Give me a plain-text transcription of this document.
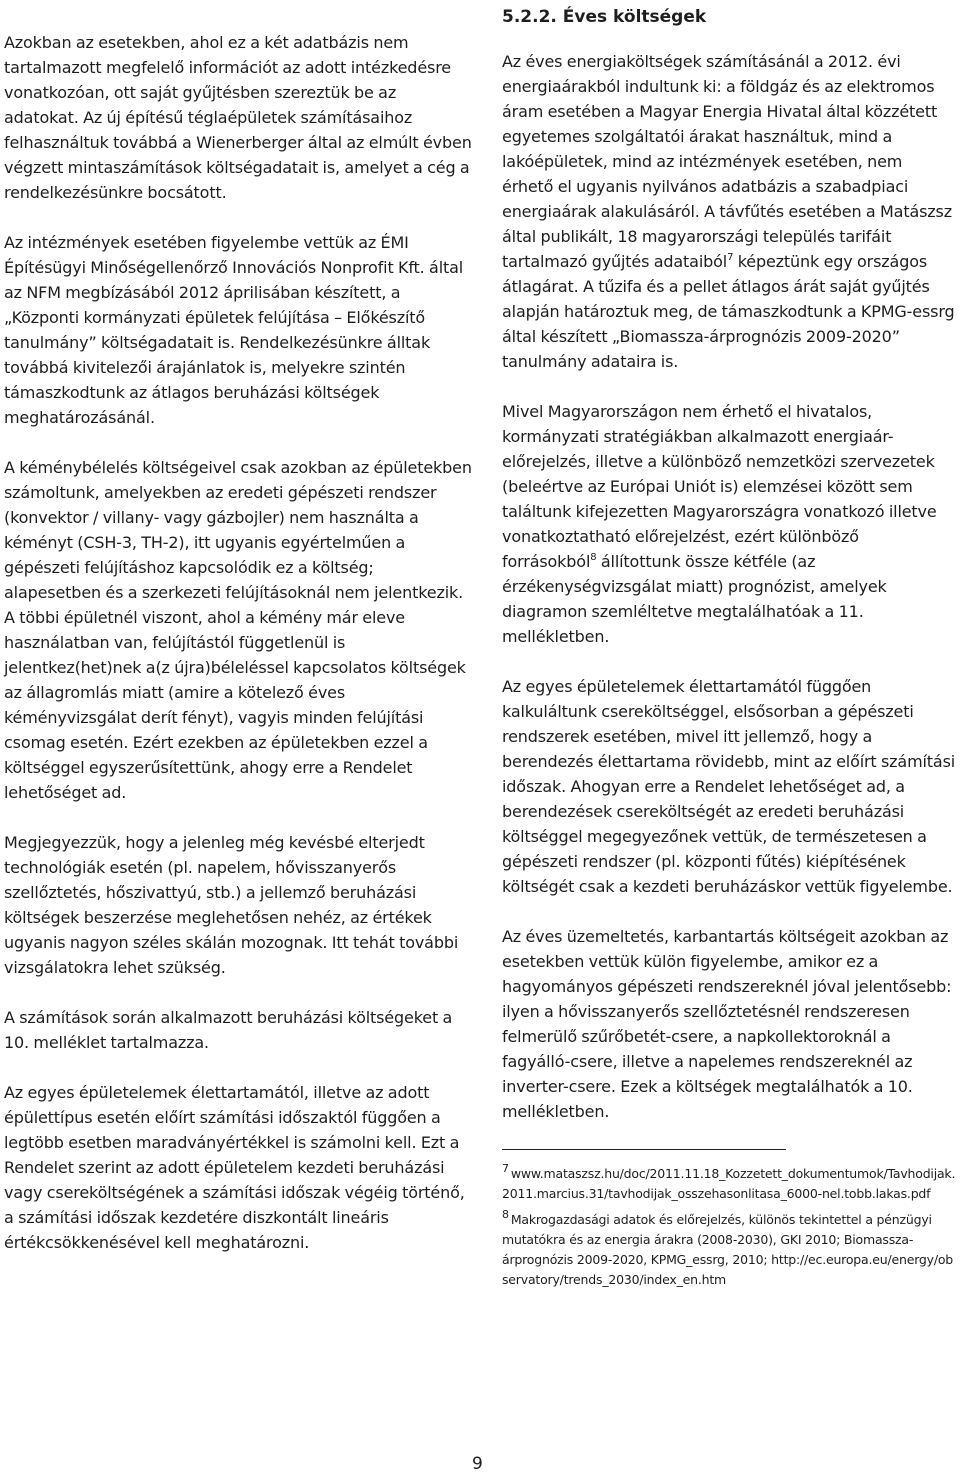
Azokban az esetekben, ahol ez a két adatbázis nem tartalmazott megfelelő információt az adott intézkedésre vonatkozóan, ott saját gyűjtésben szereztük be az adatokat. Az új építésű téglaépületek számításaihoz felhasználtuk továbbá a Wienerberger által az elmúlt évben végzett mintaszámítások költségadatait is, amelyet a cég a rendelkezésünkre bocsátott.

Az intézmények esetében figyelembe vettük az ÉMI Építésügyi Minőségellenőrző Innovációs Nonprofit Kft. által az NFM megbízásából 2012 áprilisában készített, a „Központi kormányzati épületek felújítása – Előkészítő tanulmány” költségadatait is. Rendelkezésünkre álltak továbbá kivitelezői árajánlatok is, melyekre szintén támaszkodtunk az átlagos beruházási költségek meghatározásánál.

A kéménybélelés költségeivel csak azokban az épületekben számoltunk, amelyekben az eredeti gépészeti rendszer (konvektor / villany- vagy gázbojler) nem használta a kéményt (CSH-3, TH-2), itt ugyanis egyértelműen a gépészeti felújításhoz kapcsolódik ez a költség; alapesetben és a szerkezeti felújításoknál nem jelentkezik. A többi épületnél viszont, ahol a kémény már eleve használatban van, felújítástól függetlenül is jelentkez(het)nek a(z újra)béleléssel kapcsolatos költségek az állagromlás miatt (amire a kötelező éves kéményvizsgálat derít fényt), vagyis minden felújítási csomag esetén. Ezért ezekben az épületekben ezzel a költséggel egyszerűsítettünk, ahogy erre a Rendelet lehetőséget ad.

Megjegyezzük, hogy a jelenleg még kevésbé elterjedt technológiák esetén (pl. napelem, hővisszanyerős szellőztetés, hőszivattyú, stb.) a jellemző beruházási költségek beszerzése meglehetősen nehéz, az értékek ugyanis nagyon széles skálán mozognak. Itt tehát további vizsgálatokra lehet szükség.

A számítások során alkalmazott beruházási költségeket a 10. melléklet tartalmazza.

Az egyes épületelemek élettartamától, illetve az adott épülettípus esetén előírt számítási időszaktól függően a legtöbb esetben maradványértékkel is számolni kell. Ezt a Rendelet szerint az adott épületelem kezdeti beruházási vagy csereköltségének a számítási időszak végéig történő, a számítási időszak kezdetére diszkontált lineáris értékcsökkenésével kell meghatározni.

5.2.2. Éves költségek

Az éves energiaköltségek számításánál a 2012. évi energiaárakból indultunk ki: a földgáz és az elektromos áram esetében a Magyar Energia Hivatal által közzétett egyetemes szolgáltatói árakat használtuk, mind a lakóépületek, mind az intézmények esetében, nem érhető el ugyanis nyilvános adatbázis a szabadpiaci energiaárak alakulásáról. A távfűtés esetében a Matászsz által publikált, 18 magyarországi település tarifáit tartalmazó gyűjtés adataiból$^7$ képeztünk egy országos átlagárat. A tűzifa és a pellet átlagos árát saját gyűjtés alapján határoztuk meg, de támaszkodtunk a KPMG-essrg által készített „Biomassza-árprognózis 2009-2020” tanulmány adataira is.

Mivel Magyarországon nem érhető el hivatalos, kormányzati stratégiákban alkalmazott energiaár-előrejelzés, illetve a különböző nemzetközi szervezetek (beleértve az Európai Uniót is) elemzései között sem találtunk kifejezetten Magyarországra vonatkozó illetve vonatkoztatható előrejelzést, ezért különböző forrásokból$^8$ állítottunk össze kétféle (az érzékenységvizsgálat miatt) prognózist, amelyek diagramon szemléltetve megtalálhatóak a 11. mellékletben.

Az egyes épületelemek élettartamától függően kalkuláltunk csereköltséggel, elsősorban a gépészeti rendszerek esetében, mivel itt jellemző, hogy a berendezés élettartama rövidebb, mint az előírt számítási időszak. Ahogyan erre a Rendelet lehetőséget ad, a berendezések csereköltségét az eredeti beruházási költséggel megegyezőnek vettük, de természetesen a gépészeti rendszer (pl. központi fűtés) kiépítésének költségét csak a kezdeti beruházáskor vettük figyelembe.

Az éves üzemeltetés, karbantartás költségeit azokban az esetekben vettük külön figyelembe, amikor ez a hagyományos gépészeti rendszereknél jóval jelentősebb: ilyen a hővisszanyerős szellőztetésnél rendszeresen felmerülő szűrőbetét-csere, a napkollektoroknál a fagyálló-csere, illetve a napelemes rendszereknél az inverter-csere. Ezek a költségek megtalálhatók a 10. mellékletben.

$^7$ www.mataszsz.hu/doc/2011.11.18_Kozzetett_dokumentumok/Tavhodijak.2011.marcius.31/tavhodijak_osszehasonlitasa_6000-nel.tobb.lakas.pdf
$^8$ Makrogazdasági adatok és előrejelzés, különös tekintettel a pénzügyi mutatókra és az energia árakra (2008-2030), GKI 2010; Biomassza-árprognózis 2009-2020, KPMG_essrg, 2010; http://ec.europa.eu/energy/observatory/trends_2030/index_en.htm
9
